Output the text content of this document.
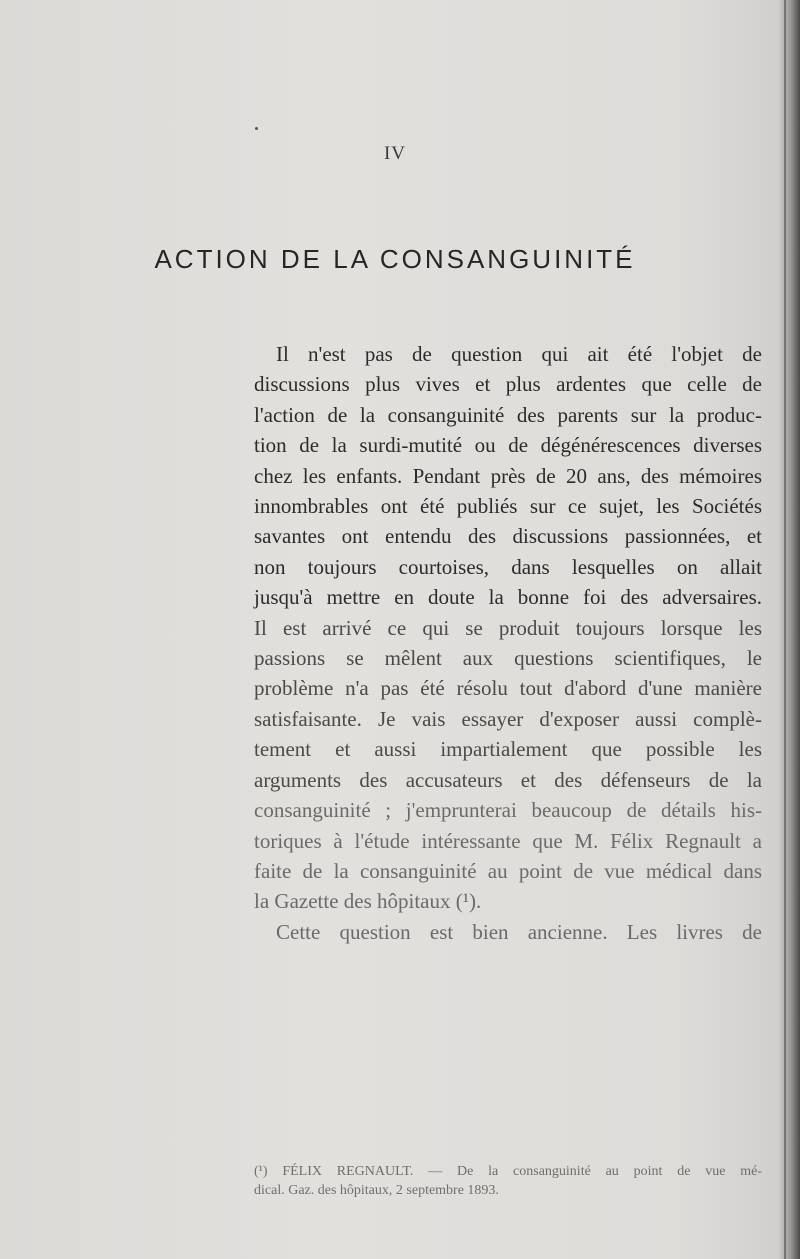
IV
ACTION DE LA CONSANGUINITÉ
Il n'est pas de question qui ait été l'objet de
discussions plus vives et plus ardentes que celle de
l'action de la consanguinité des parents sur la produc-
tion de la surdi-mutité ou de dégénérescences diverses
chez les enfants. Pendant près de 20 ans, des mémoires
innombrables ont été publiés sur ce sujet, les Sociétés
savantes ont entendu des discussions passionnées, et
non toujours courtoises, dans lesquelles on allait
jusqu'à mettre en doute la bonne foi des adversaires.
Il est arrivé ce qui se produit toujours lorsque les
passions se mêlent aux questions scientifiques, le
problème n'a pas été résolu tout d'abord d'une manière
satisfaisante. Je vais essayer d'exposer aussi complè-
tement et aussi impartialement que possible les
arguments des accusateurs et des défenseurs de la
consanguinité ; j'emprunterai beaucoup de détails his-
toriques à l'étude intéressante que M. Félix Regnault a
faite de la consanguinité au point de vue médical dans
la Gazette des hôpitaux (¹).
Cette question est bien ancienne. Les livres de
(¹) FÉLIX REGNAULT. — De la consanguinité au point de vue mé-
dical. Gaz. des hôpitaux, 2 septembre 1893.
